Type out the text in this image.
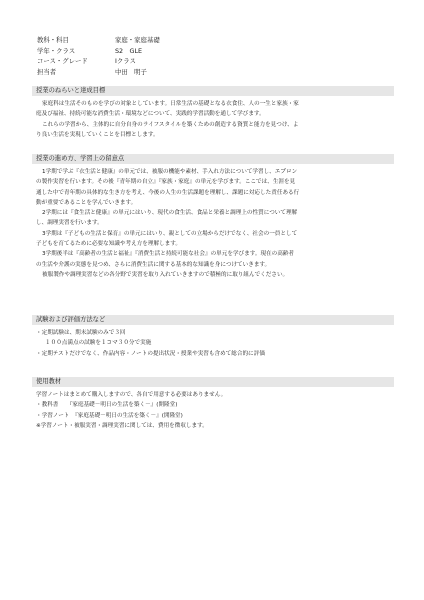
教科・科目	家庭・家庭基礎
学年・クラス	S2　GLE
コース・グレード	Ⅰクラス
担当者	中田　明子
授業のねらいと達成目標

家庭科は生活そのものを学びの対象としています。日常生活の基礎となる衣食住、人の一生と家族・家

庭及び福祉、持続可能な消費生活・環境などについて、実践的学習活動を通して学びます。

これらの学習から、主体的に自分自身のライフスタイルを築くための創造する資質と能力を見つけ、よ

り良い生活を実現していくことを目標とします。

授業の進め方、学習上の留意点

1学期で学ぶ『衣生活と健康』の単元では、被服の機能や素材、手入れ方法について学習し、エプロン

の製作実習を行います。その後『青年期の自立』『家族・家庭』の単元を学びます。ここでは、生涯を見

通した中で青年期の具体的な生き方を考え、今後の人生の生活課題を理解し、課題に対応した責任ある行

動が重要であることを学んでいきます。

2学期には『食生活と健康』の単元にはいり、現代の食生活、食品と栄養と調理上の性質について理解

し、調理実習を行います。

3学期は『子どもの生活と保育』の単元にはいり、親としての立場からだけでなく、社会の一員として

子どもを育てるために必要な知識や考え方を理解します。

3学期後半は『高齢者の生活と福祉』『消費生活と持続可能な社会』の単元を学びます。現在の高齢者

の生活や介護の実態を見つめ、さらに消費生活に関する基本的な知識を身につけていきます。

被服製作や調理実習などの各分野で実習を取り入れていきますので積極的に取り組んでください。

試験および評価方法など

・定期試験は、期末試験のみで３回

１００点満点の試験を１コマ３０分で実施

・定期テストだけでなく、作品内容・ノートの提出状況・授業や実習も含めて総合的に評価

使用教材

学習ノートはまとめて購入しますので、各自で用意する必要はありません。

・教科書　　『家庭基礎－明日の生活を築く－』(開隆堂)

・学習ノート　『家庭基礎－明日の生活を築く－』(開隆堂)

※学習ノート・被服実習・調理実習に関しては、費用を徴収します。
